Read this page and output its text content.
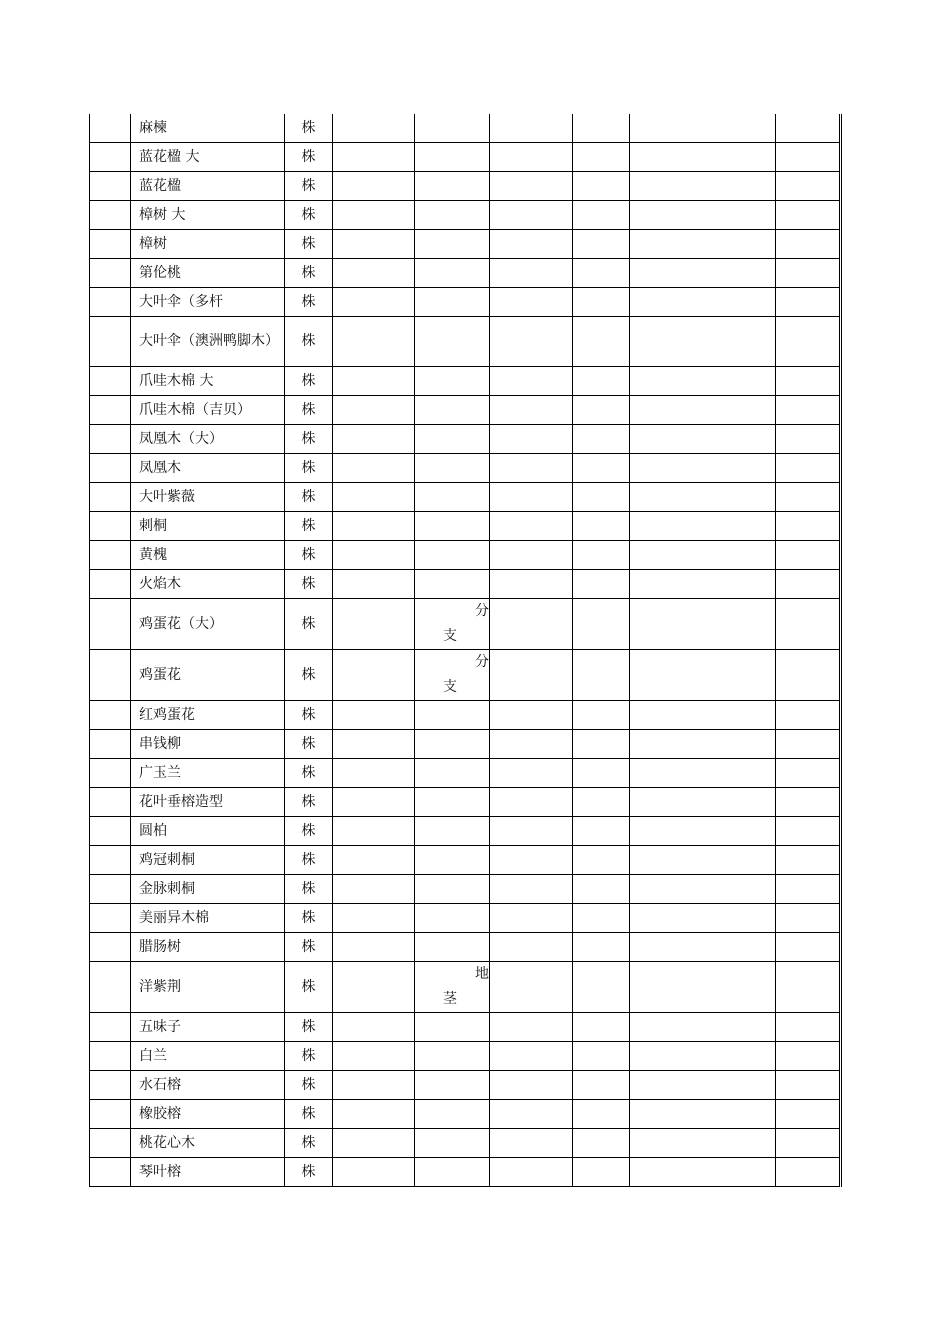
	麻楝	株						

	蓝花楹 大	株						

	蓝花楹	株						

	樟树 大	株						

	樟树	株						

	第伦桃	株						

	大叶伞（多杆	株						

	大叶伞（澳洲鸭脚木）	株						

	爪哇木棉 大	株						

	爪哇木棉（吉贝）	株						

	凤凰木（大）	株						

	凤凰木	株						

	大叶紫薇	株						

	刺桐	株						

	黄槐	株						

	火焰木	株						

	鸡蛋花（大）	株		分
支				

	鸡蛋花	株		分
支				

	红鸡蛋花	株						

	串钱柳	株						

	广玉兰	株						

	花叶垂榕造型	株						

	圆柏	株						

	鸡冠刺桐	株						

	金脉刺桐	株						

	美丽异木棉	株						

	腊肠树	株						

	洋紫荆	株		地
茎				

	五味子	株						

	白兰	株						

	水石榕	株						

	橡胶榕	株						

	桃花心木	株						

	琴叶榕	株						
